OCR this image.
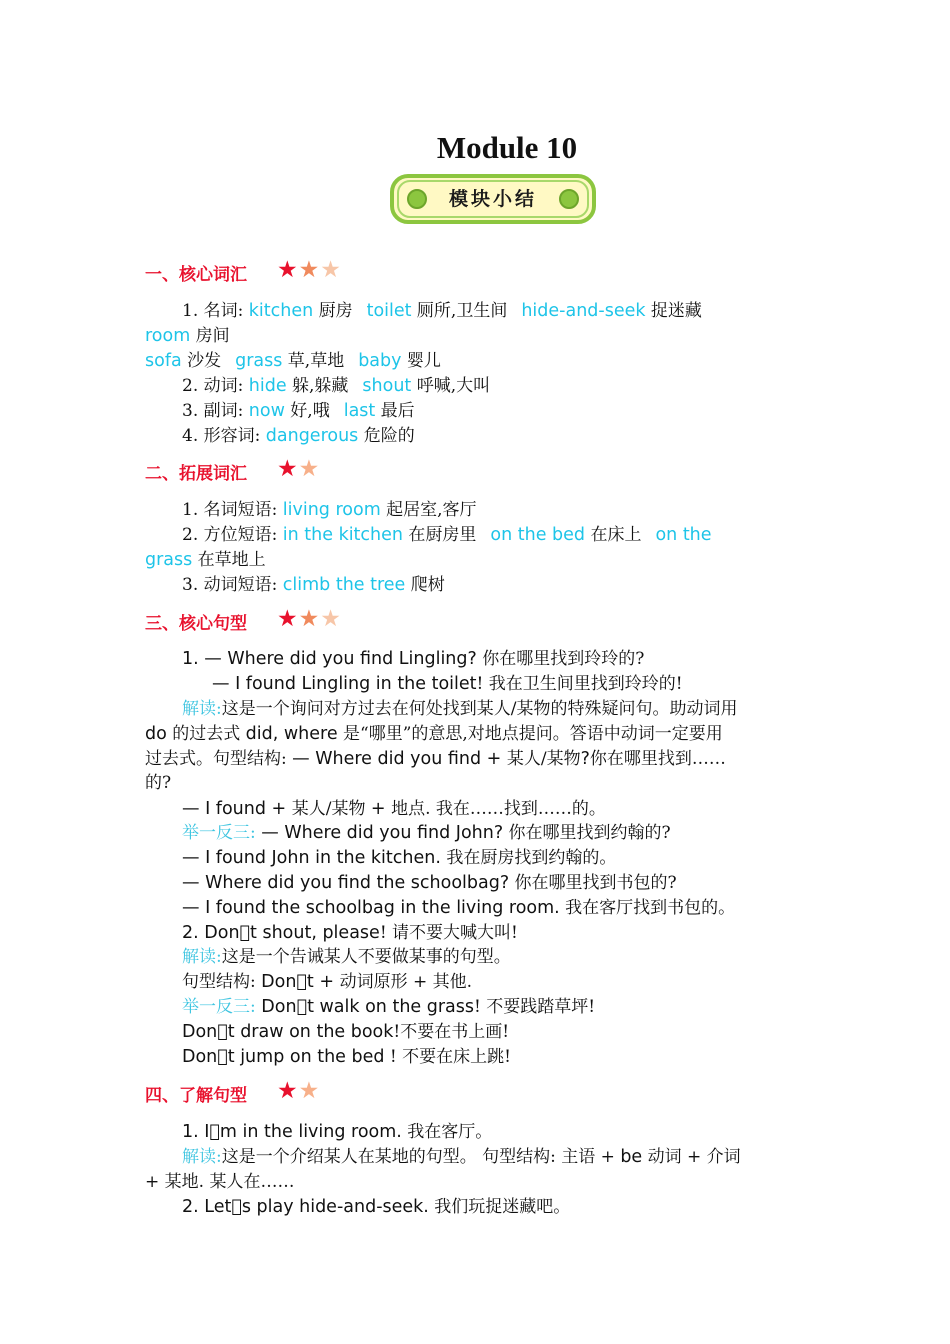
Module 10
模块小结
一、核心词汇 ★ ★ ★
1. 名词: kitchen 厨房 toilet 厕所,卫生间 hide-and-seek 捉迷藏
room 房间
sofa 沙发 grass 草,草地 baby 婴儿
2. 动词: hide 躲,躲藏 shout 呼喊,大叫
3. 副词: now 好,哦 last 最后
4. 形容词: dangerous 危险的
二、拓展词汇 ★ ★
1. 名词短语: living room 起居室,客厅
2. 方位短语: in the kitchen 在厨房里 on the bed 在床上 on the
grass 在草地上
3. 动词短语: climb the tree 爬树
三、核心句型 ★ ★ ★
1. — Where did you find Lingling? 你在哪里找到玲玲的?
— I found Lingling in the toilet! 我在卫生间里找到玲玲的!
解读:这是一个询问对方过去在何处找到某人/某物的特殊疑问句。助动词用
do 的过去式 did, where 是“哪里”的意思,对地点提问。答语中动词一定要用
过去式。句型结构: — Where did you find + 某人/某物?你在哪里找到……
的?
— I found + 某人/某物 + 地点. 我在……找到……的。
举一反三: — Where did you find John? 你在哪里找到约翰的?
— I found John in the kitchen. 我在厨房找到约翰的。
— Where did you find the schoolbag? 你在哪里找到书包的?
— I found the schoolbag in the living room. 我在客厅找到书包的。
2. Don t shout, please! 请不要大喊大叫!
解读:这是一个告诫某人不要做某事的句型。
句型结构: Don t + 动词原形 + 其他.
举一反三: Don t walk on the grass! 不要践踏草坪!
Don t draw on the book!不要在书上画!
Don t jump on the bed ! 不要在床上跳!
四、了解句型 ★ ★
1. I m in the living room. 我在客厅。
解读:这是一个介绍某人在某地的句型。 句型结构: 主语 + be 动词 + 介词
+ 某地. 某人在……
2. Let s play hide-and-seek. 我们玩捉迷藏吧。
